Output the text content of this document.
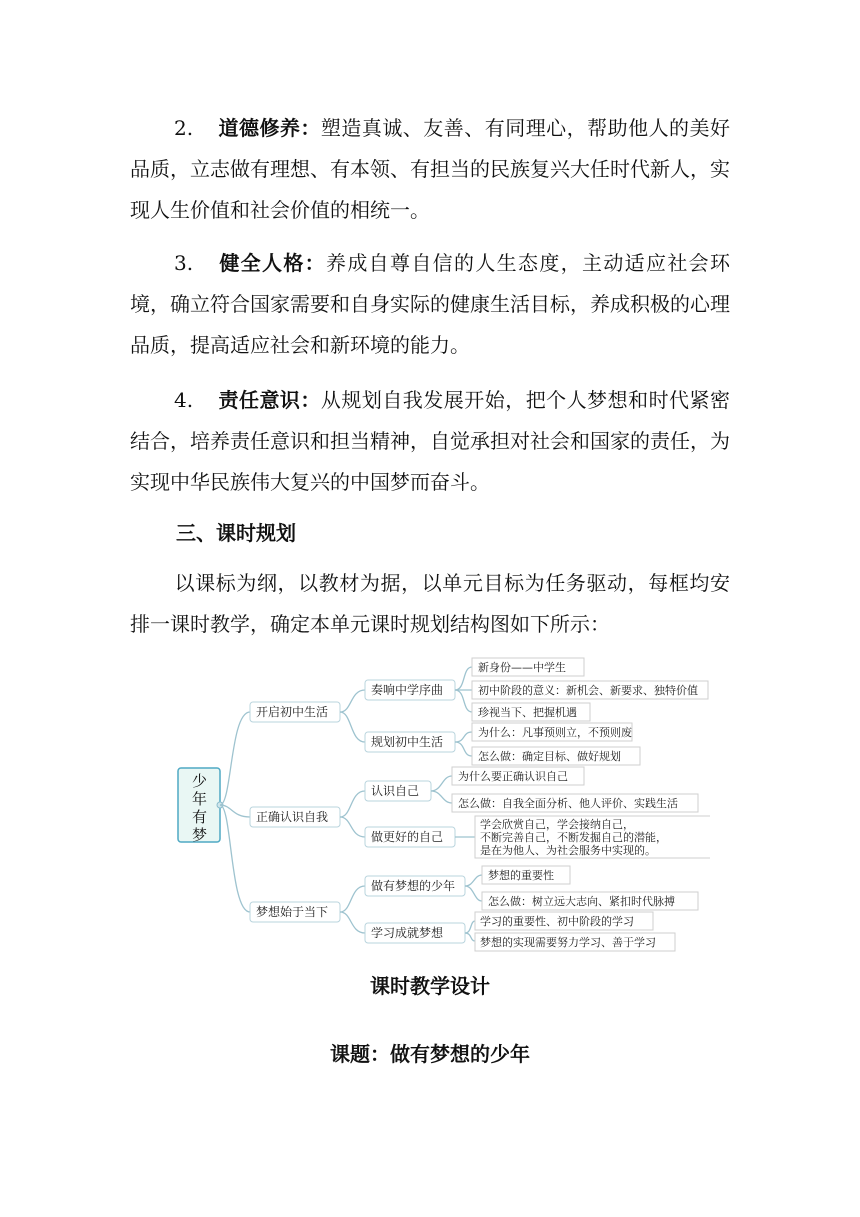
2. 道德修养：塑造真诚、友善、有同理心，帮助他人的美好品质，立志做有理想、有本领、有担当的民族复兴大任时代新人，实现人生价值和社会价值的相统一。

3. 健全人格：养成自尊自信的人生态度，主动适应社会环境，确立符合国家需要和自身实际的健康生活目标，养成积极的心理品质，提高适应社会和新环境的能力。

4. 责任意识：从规划自我发展开始，把个人梦想和时代紧密结合，培养责任意识和担当精神，自觉承担对社会和国家的责任，为实现中华民族伟大复兴的中国梦而奋斗。

三、课时规划

以课标为纲，以教材为据，以单元目标为任务驱动，每框均安排一课时教学，确定本单元课时规划结构图如下所示：

少
年
有
梦
开启初中生活
正确认识自我
梦想始于当下
奏响中学序曲
规划初中生活
认识自己
做更好的自己
做有梦想的少年
学习成就梦想
新身份——中学生
初中阶段的意义：新机会、新要求、独特价值
珍视当下、把握机遇
为什么：凡事预则立，不预则废
怎么做：确定目标、做好规划
为什么要正确认识自己
怎么做：自我全面分析、他人评价、实践生活
学会欣赏自己，学会接纳自己，不断完善自己，不断发掘自己的潜能，是在为他人、为社会服务中实现的。
梦想的重要性
怎么做：树立远大志向、紧扣时代脉搏
学习的重要性、初中阶段的学习
梦想的实现需要努力学习、善于学习

课时教学设计

课题：做有梦想的少年
